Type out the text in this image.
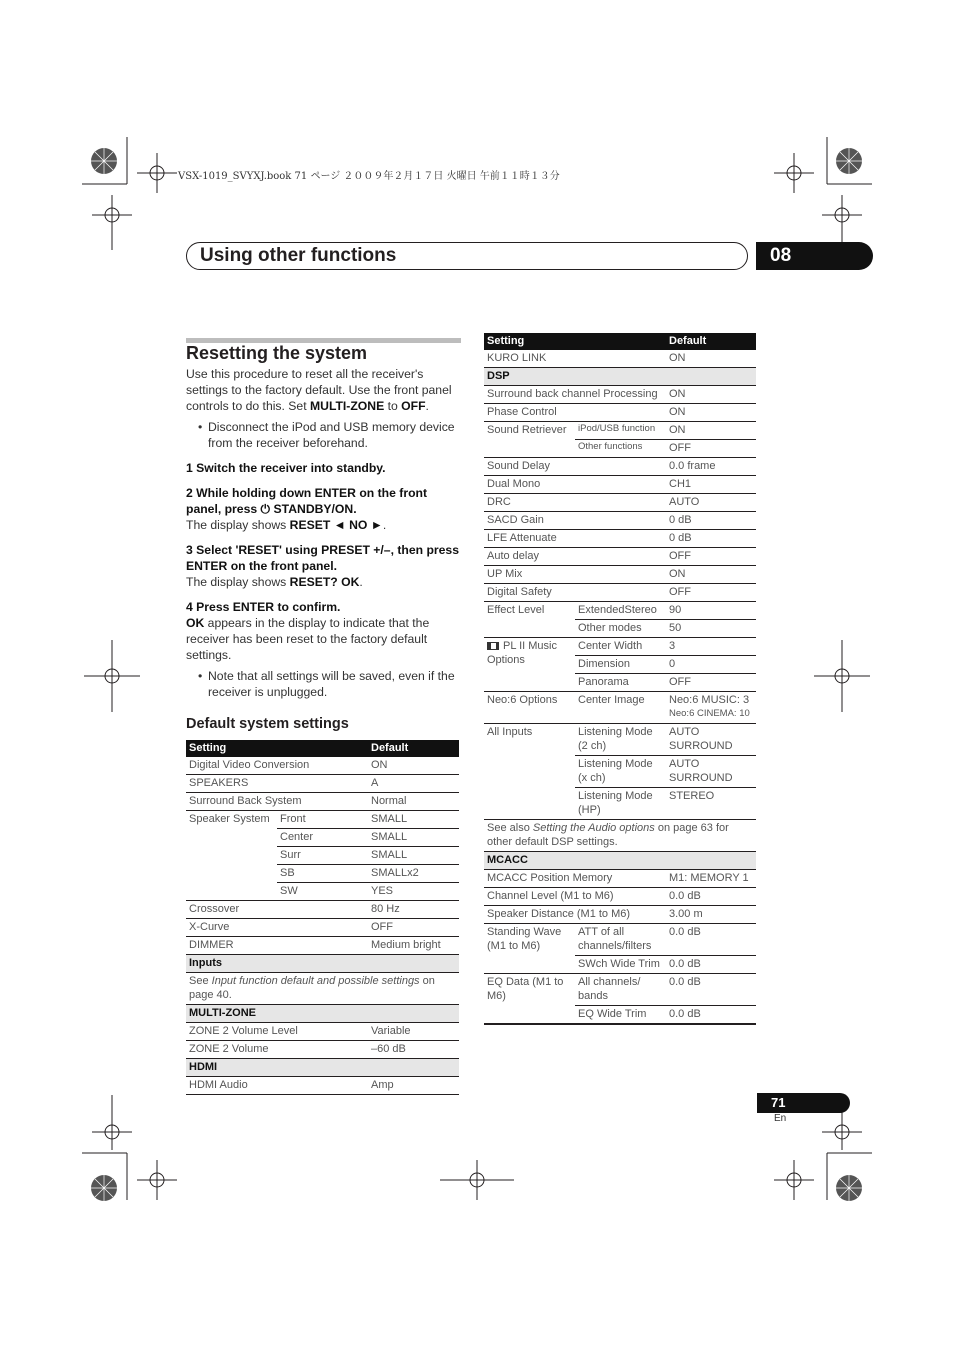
VSX-1019_SVYXJ.book 71 ページ ２００９年２月１７日 火曜日 午前１１時１３分
Using other functions	08
Resetting the system
Use this procedure to reset all the receiver's settings to the factory default. Use the front panel controls to do this. Set MULTI-ZONE to OFF.
• Disconnect the iPod and USB memory device from the receiver beforehand.
1 Switch the receiver into standby.
2 While holding down ENTER on the front panel, press ⏻ STANDBY/ON.
The display shows RESET ◄ NO ►.
3 Select 'RESET' using PRESET +/–, then press ENTER on the front panel.
The display shows RESET? OK.
4 Press ENTER to confirm.
OK appears in the display to indicate that the receiver has been reset to the factory default settings.
• Note that all settings will be saved, even if the receiver is unplugged.
Default system settings
Setting		Default
Digital Video Conversion		ON
SPEAKERS		A
Surround Back System		Normal
Speaker System	Front	SMALL
	Center	SMALL
	Surr	SMALL
	SB	SMALLx2
	SW	YES
Crossover		80 Hz
X-Curve		OFF
DIMMER		Medium bright
Inputs		
See Input function default and possible settings on page 40.		
MULTI-ZONE		
ZONE 2 Volume Level		Variable
ZONE 2 Volume		–60 dB
HDMI		
HDMI Audio		Amp
Setting		Default
KURO LINK		ON
DSP		
Surround back channel Processing		ON
Phase Control		ON
Sound Retriever	iPod/USB function	ON
	Other functions	OFF
Sound Delay		0.0 frame
Dual Mono		CH1
DRC		AUTO
SACD Gain		0 dB
LFE Attenuate		0 dB
Auto delay		OFF
UP Mix		ON
Digital Safety		OFF
Effect Level	ExtendedStereo	90
	Other modes	50
PL II Music Options	Center Width	3
	Dimension	0
	Panorama	OFF
Neo:6 Options	Center Image	Neo:6 MUSIC: 3
Neo:6 CINEMA: 10

All Inputs	Listening Mode (2 ch)	AUTO SURROUND
	Listening Mode (x ch)	AUTO SURROUND
	Listening Mode (HP)	STEREO
See also Setting the Audio options on page 63 for other default DSP settings.		
MCACC		
MCACC Position Memory		M1: MEMORY 1
Channel Level (M1 to M6)		0.0 dB
Speaker Distance (M1 to M6)		3.00 m
Standing Wave (M1 to M6)	ATT of all channels/filters	0.0 dB
	SWch Wide Trim	0.0 dB
EQ Data (M1 to M6)	All channels/ bands	0.0 dB
	EQ Wide Trim	0.0 dB
71
En
